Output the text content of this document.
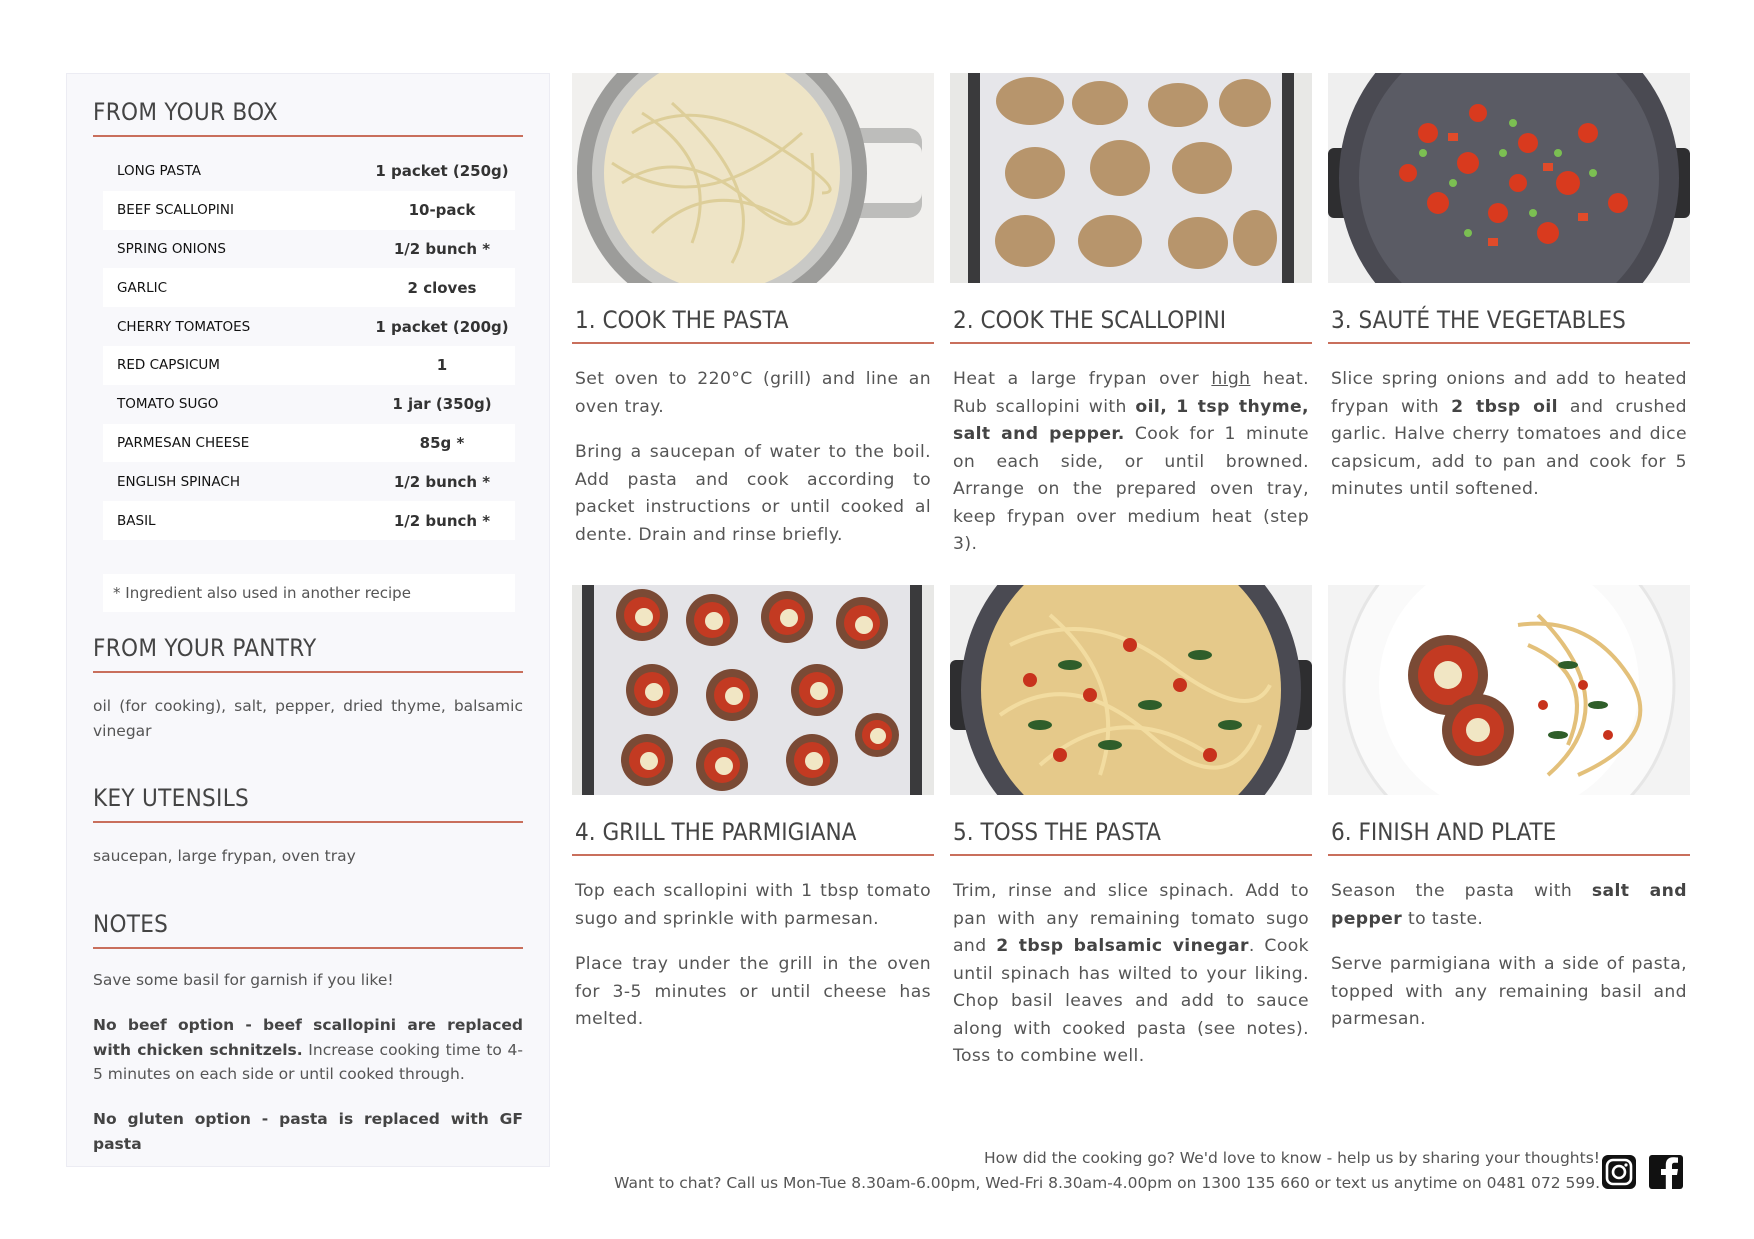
FROM YOUR BOX
LONG PASTA	1 packet (250g)
BEEF SCALLOPINI	10-pack
SPRING ONIONS	1/2 bunch *
GARLIC	2 cloves
CHERRY TOMATOES	1 packet (200g)
RED CAPSICUM	1
TOMATO SUGO	1 jar (350g)
PARMESAN CHEESE	85g *
ENGLISH SPINACH	1/2 bunch *
BASIL	1/2 bunch *
* Ingredient also used in another recipe
FROM YOUR PANTRY
oil (for cooking), salt, pepper, dried thyme, balsamic vinegar
KEY UTENSILS
saucepan, large frypan, oven tray
NOTES

Save some basil for garnish if you like!

No beef option - beef scallopini are replaced with chicken schnitzels. Increase cooking time to 4-5 minutes on each side or until cooked through.

No gluten option - pasta is replaced with GF pasta

1. COOK THE PASTA

Set oven to 220°C (grill) and line an oven tray.

Bring a saucepan of water to the boil. Add pasta and cook according to packet instructions or until cooked al dente. Drain and rinse briefly.

2. COOK THE SCALLOPINI

Heat a large frypan over high heat. Rub scallopini with oil, 1 tsp thyme, salt and pepper. Cook for 1 minute on each side, or until browned. Arrange on the prepared oven tray, keep frypan over medium heat (step 3).

3. SAUTÉ THE VEGETABLES

Slice spring onions and add to heated frypan with 2 tbsp oil and crushed garlic. Halve cherry tomatoes and dice capsicum, add to pan and cook for 5 minutes until softened.

4. GRILL THE PARMIGIANA

Top each scallopini with 1 tbsp tomato sugo and sprinkle with parmesan.

Place tray under the grill in the oven for 3-5 minutes or until cheese has melted.

5. TOSS THE PASTA

Trim, rinse and slice spinach. Add to pan with any remaining tomato sugo and 2 tbsp balsamic vinegar. Cook until spinach has wilted to your liking. Chop basil leaves and add to sauce along with cooked pasta (see notes). Toss to combine well.

6. FINISH AND PLATE

Season the pasta with salt and pepper to taste.

Serve parmigiana with a side of pasta, topped with any remaining basil and parmesan.

How did the cooking go? We'd love to know - help us by sharing your thoughts!
Want to chat? Call us Mon-Tue 8.30am-6.00pm, Wed-Fri 8.30am-4.00pm on 1300 135 660 or text us anytime on 0481 072 599.
